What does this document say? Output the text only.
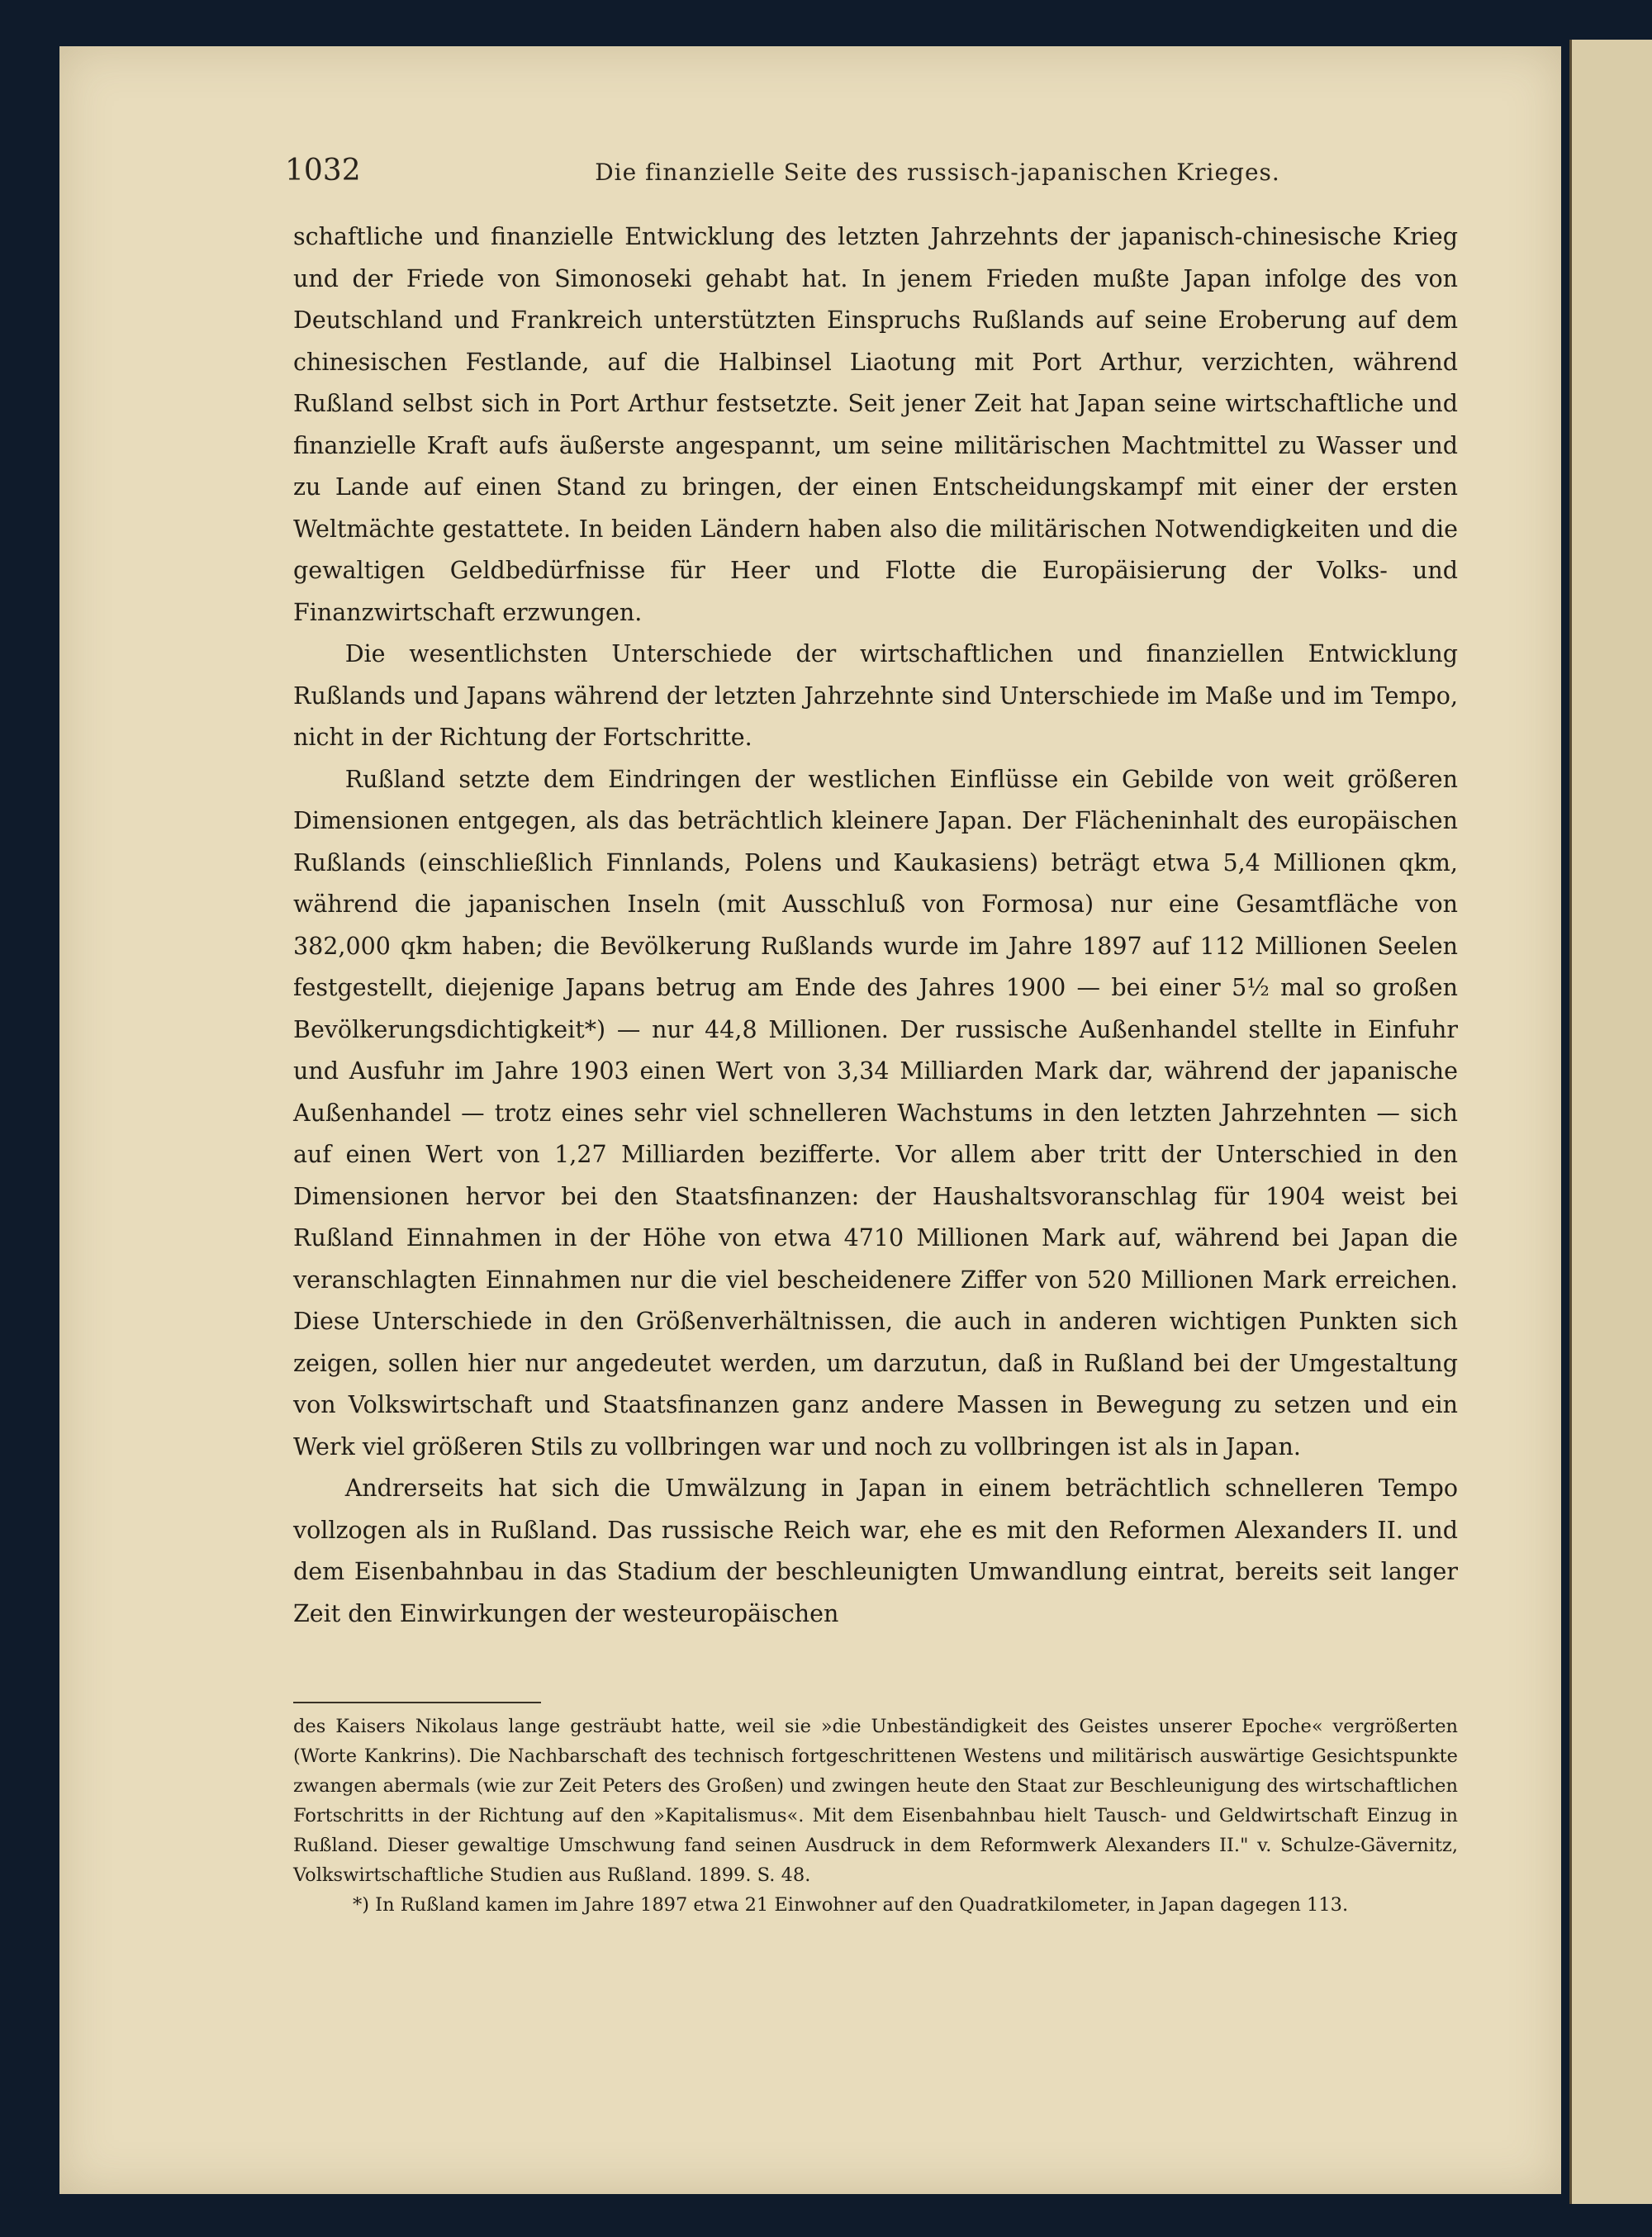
1032	Die finanzielle Seite des russisch-japanischen Krieges.

schaftliche und finanzielle Entwicklung des letzten Jahrzehnts der japanisch-chinesische Krieg und der Friede von Simonoseki gehabt hat. In jenem Frieden mußte Japan infolge des von Deutschland und Frankreich unterstützten Einspruchs Rußlands auf seine Eroberung auf dem chinesischen Festlande, auf die Halbinsel Liaotung mit Port Arthur, verzichten, während Rußland selbst sich in Port Arthur festsetzte. Seit jener Zeit hat Japan seine wirtschaftliche und finanzielle Kraft aufs äußerste angespannt, um seine militärischen Machtmittel zu Wasser und zu Lande auf einen Stand zu bringen, der einen Entscheidungskampf mit einer der ersten Weltmächte gestattete. In beiden Ländern haben also die militärischen Notwendigkeiten und die gewaltigen Geldbedürfnisse für Heer und Flotte die Europäisierung der Volks- und Finanzwirtschaft erzwungen.

Die wesentlichsten Unterschiede der wirtschaftlichen und finanziellen Entwicklung Rußlands und Japans während der letzten Jahrzehnte sind Unterschiede im Maße und im Tempo, nicht in der Richtung der Fortschritte.

Rußland setzte dem Eindringen der westlichen Einflüsse ein Gebilde von weit größeren Dimensionen entgegen, als das beträchtlich kleinere Japan. Der Flächeninhalt des europäischen Rußlands (einschließlich Finnlands, Polens und Kaukasiens) beträgt etwa 5,4 Millionen qkm, während die japanischen Inseln (mit Ausschluß von Formosa) nur eine Gesamtfläche von 382,000 qkm haben; die Bevölkerung Rußlands wurde im Jahre 1897 auf 112 Millionen Seelen festgestellt, diejenige Japans betrug am Ende des Jahres 1900 — bei einer 5½ mal so großen Bevölkerungsdichtigkeit*) — nur 44,8 Millionen. Der russische Außenhandel stellte in Einfuhr und Ausfuhr im Jahre 1903 einen Wert von 3,34 Milliarden Mark dar, während der japanische Außenhandel — trotz eines sehr viel schnelleren Wachstums in den letzten Jahrzehnten — sich auf einen Wert von 1,27 Milliarden bezifferte. Vor allem aber tritt der Unterschied in den Dimensionen hervor bei den Staatsfinanzen: der Haushaltsvoranschlag für 1904 weist bei Rußland Einnahmen in der Höhe von etwa 4710 Millionen Mark auf, während bei Japan die veranschlagten Einnahmen nur die viel bescheidenere Ziffer von 520 Millionen Mark erreichen. Diese Unterschiede in den Größenverhältnissen, die auch in anderen wichtigen Punkten sich zeigen, sollen hier nur angedeutet werden, um darzutun, daß in Rußland bei der Umgestaltung von Volkswirtschaft und Staatsfinanzen ganz andere Massen in Bewegung zu setzen und ein Werk viel größeren Stils zu vollbringen war und noch zu vollbringen ist als in Japan.

Andrerseits hat sich die Umwälzung in Japan in einem beträchtlich schnelleren Tempo vollzogen als in Rußland. Das russische Reich war, ehe es mit den Reformen Alexanders II. und dem Eisenbahnbau in das Stadium der beschleunigten Umwandlung eintrat, bereits seit langer Zeit den Einwirkungen der westeuropäischen

des Kaisers Nikolaus lange gesträubt hatte, weil sie »die Unbeständigkeit des Geistes unserer Epoche« vergrößerten (Worte Kankrins). Die Nachbarschaft des technisch fortgeschrittenen Westens und militärisch auswärtige Gesichtspunkte zwangen abermals (wie zur Zeit Peters des Großen) und zwingen heute den Staat zur Beschleunigung des wirtschaftlichen Fortschritts in der Richtung auf den »Kapitalismus«. Mit dem Eisenbahnbau hielt Tausch- und Geldwirtschaft Einzug in Rußland. Dieser gewaltige Umschwung fand seinen Ausdruck in dem Reformwerk Alexanders II." v. Schulze-Gävernitz, Volkswirtschaftliche Studien aus Rußland. 1899. S. 48.

*) In Rußland kamen im Jahre 1897 etwa 21 Einwohner auf den Quadratkilometer, in Japan dagegen 113.
